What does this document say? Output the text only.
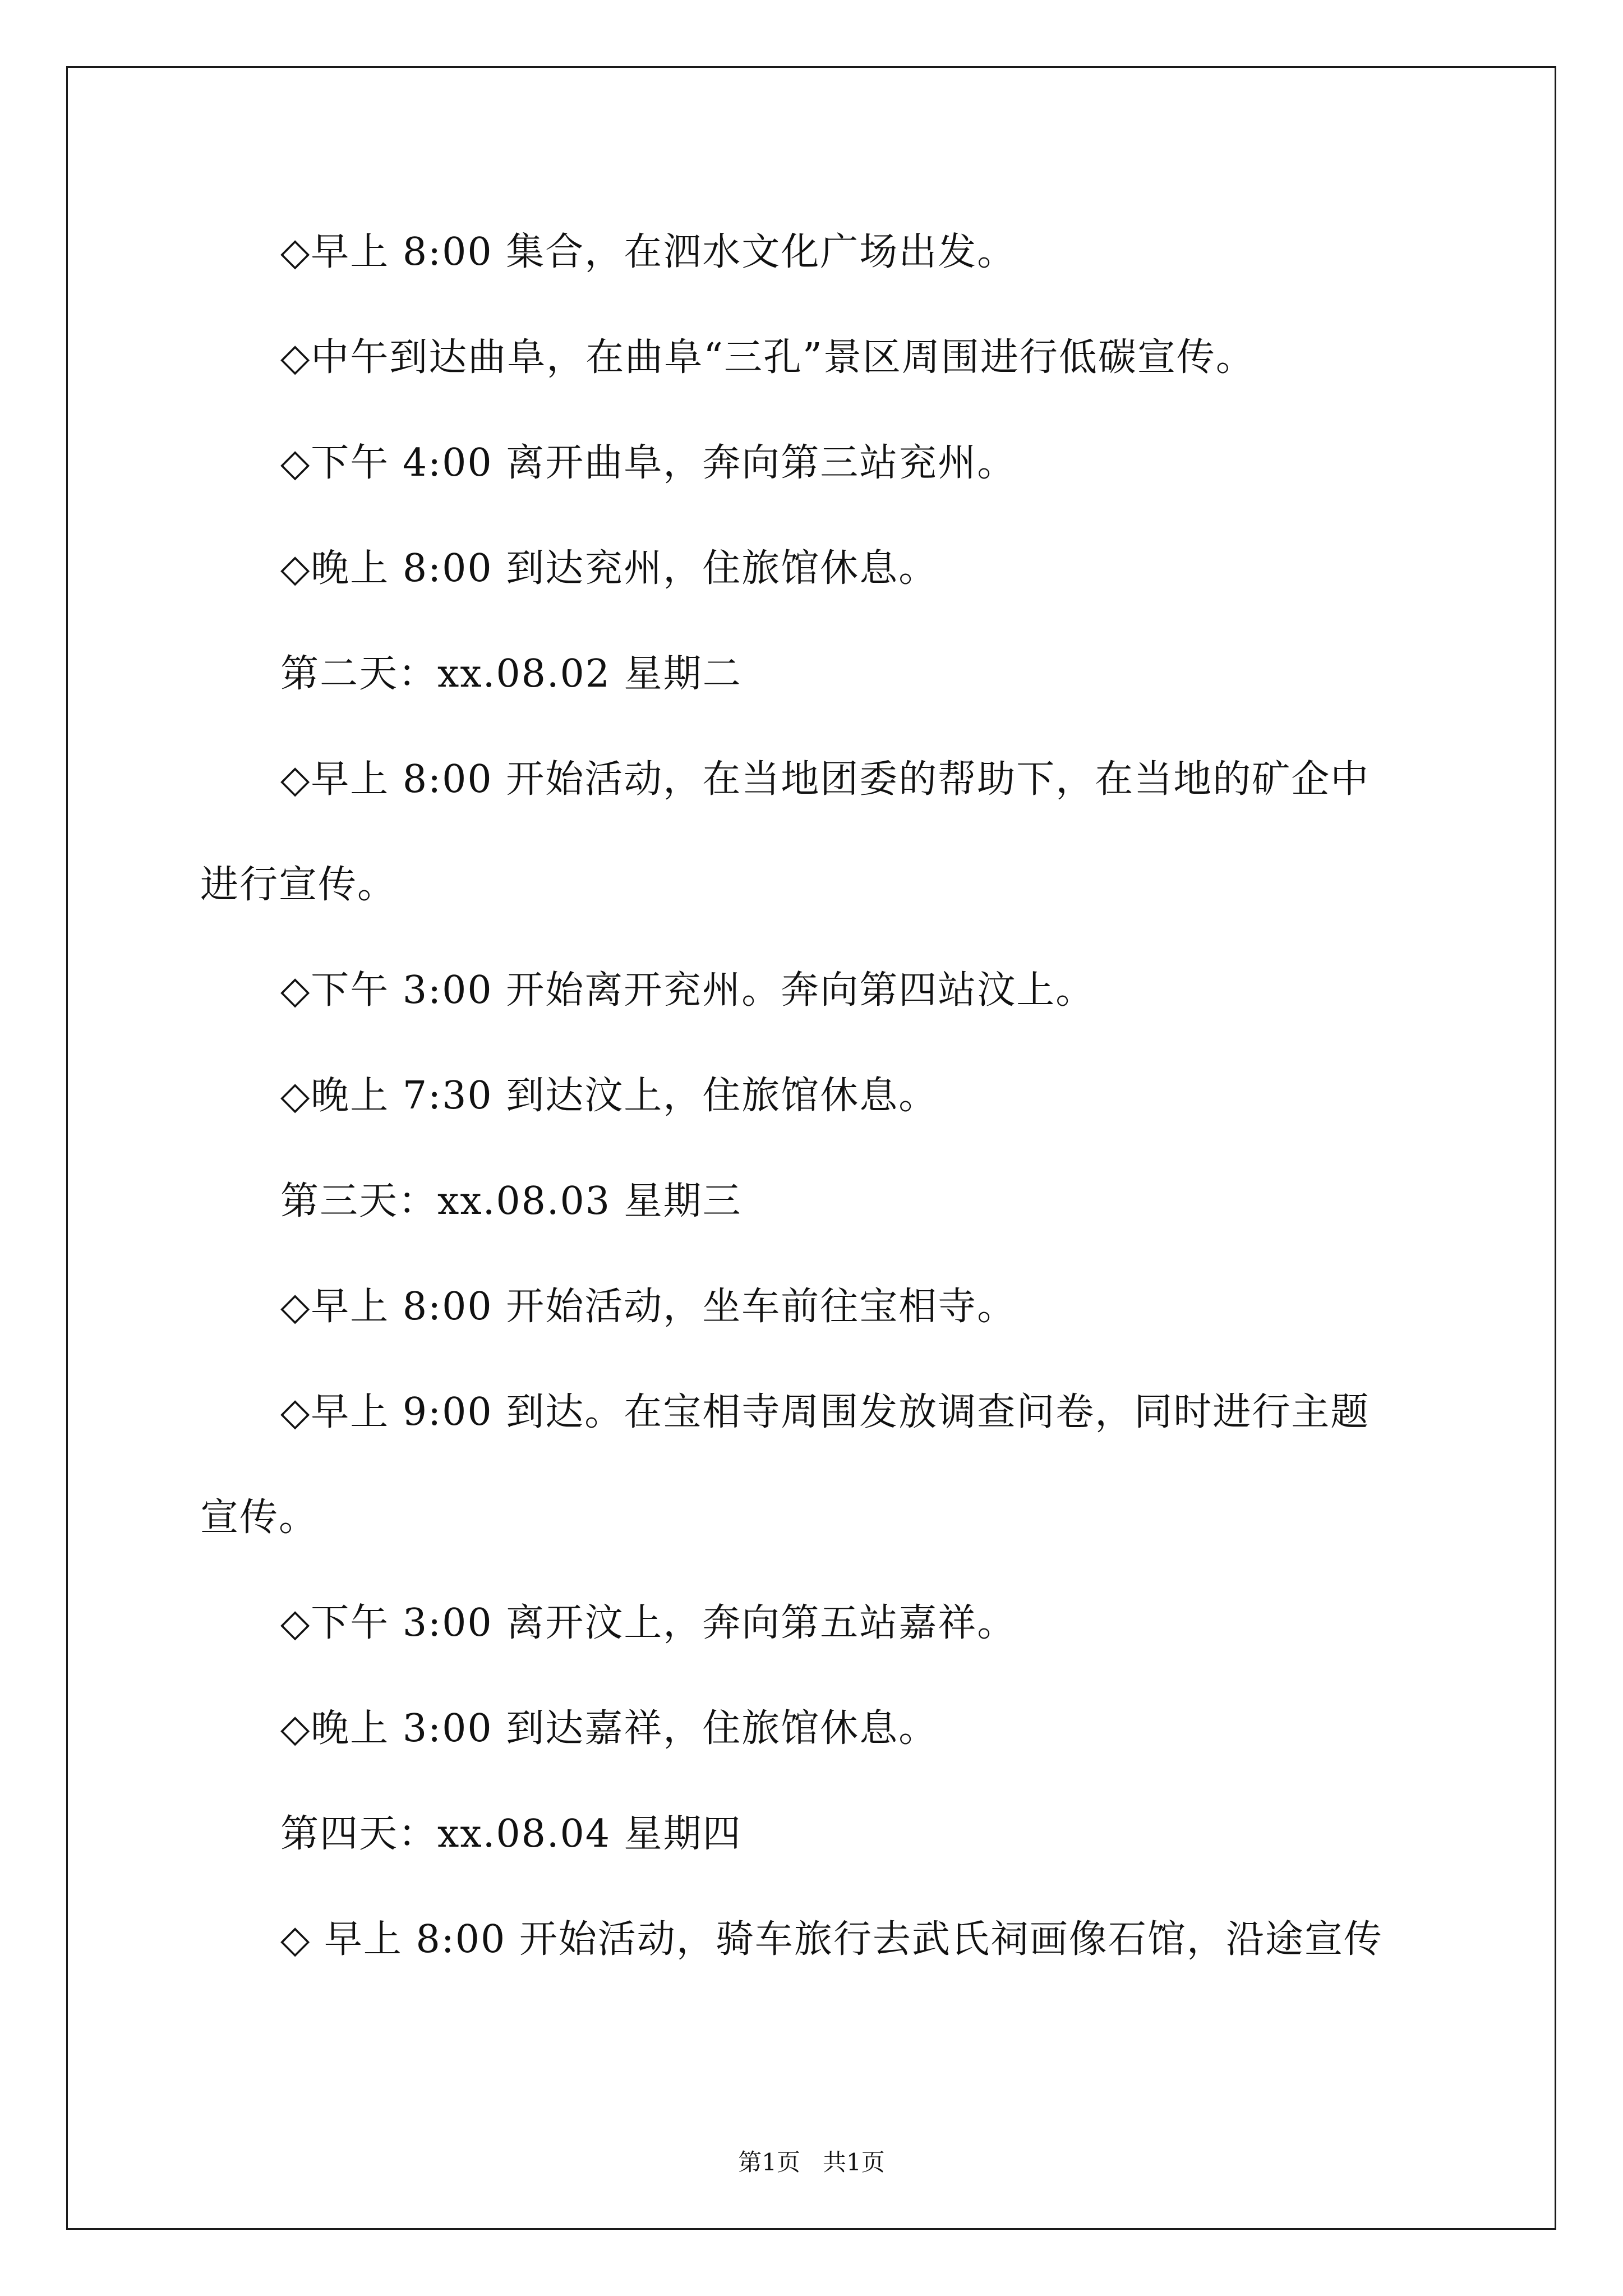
◇早上 8:00 集合，在泗水文化广场出发。
◇中午到达曲阜，在曲阜“三孔”景区周围进行低碳宣传。
◇下午 4:00 离开曲阜，奔向第三站兖州。
◇晚上 8:00 到达兖州，住旅馆休息。
第二天：xx.08.02 星期二
◇早上 8:00 开始活动，在当地团委的帮助下，在当地的矿企中
进行宣传。
◇下午 3:00 开始离开兖州。奔向第四站汶上。
◇晚上 7:30 到达汶上，住旅馆休息。
第三天：xx.08.03 星期三
◇早上 8:00 开始活动，坐车前往宝相寺。
◇早上 9:00 到达。在宝相寺周围发放调查问卷，同时进行主题
宣传。
◇下午 3:00 离开汶上，奔向第五站嘉祥。
◇晚上 3:00 到达嘉祥，住旅馆休息。
第四天：xx.08.04 星期四
◇ 早上 8:00 开始活动，骑车旅行去武氏祠画像石馆，沿途宣传
第1页   共1页
